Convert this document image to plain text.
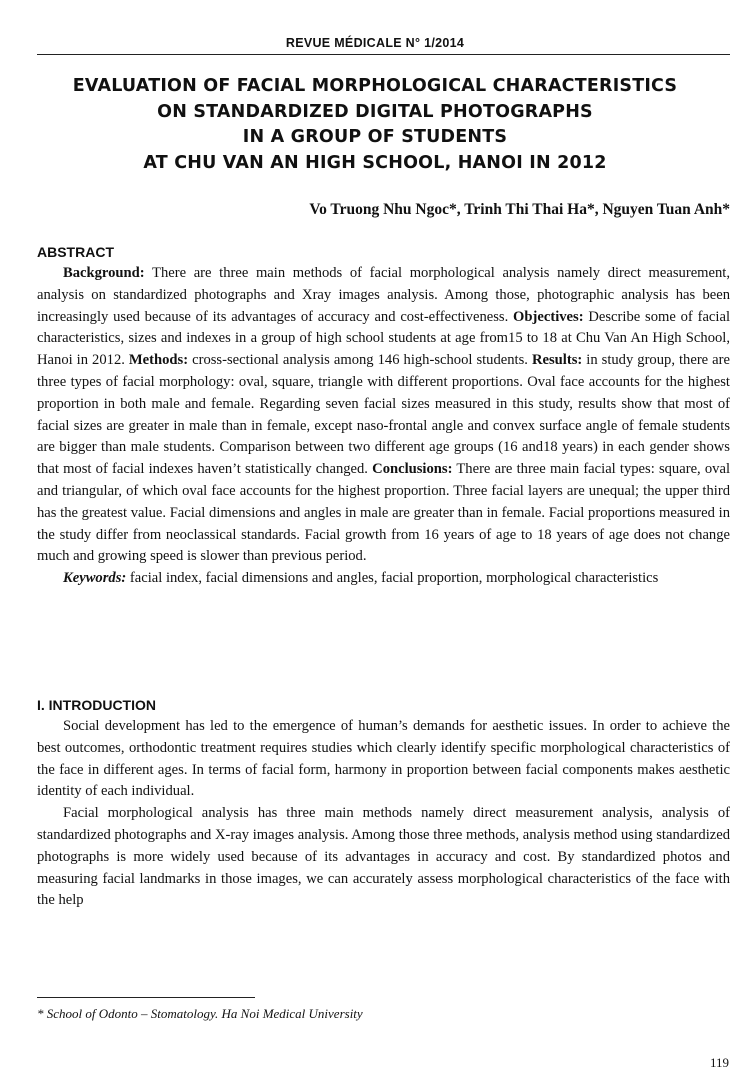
REVUE MÉDICALE N° 1/2014
EVALUATION OF FACIAL MORPHOLOGICAL CHARACTERISTICS
ON STANDARDIZED DIGITAL PHOTOGRAPHS
IN A GROUP OF STUDENTS
AT CHU VAN AN HIGH SCHOOL, HANOI IN 2012
Vo Truong Nhu Ngoc*, Trinh Thi Thai Ha*, Nguyen Tuan Anh*
ABSTRACT

Background: There are three main methods of facial morphological analysis namely direct measurement, analysis on standardized photographs and Xray images analysis. Among those, photographic analysis has been increasingly used because of its advantages of accuracy and cost-effectiveness. Objectives: Describe some of facial characteristics, sizes and indexes in a group of high school students at age from15 to 18 at Chu Van An High School, Hanoi in 2012. Methods: cross-sectional analysis among 146 high-school students. Results: in study group, there are three types of facial morphology: oval, square, triangle with different proportions. Oval face accounts for the highest proportion in both male and female. Regarding seven facial sizes measured in this study, results show that most of facial sizes are greater in male than in female, except naso-frontal angle and convex surface angle of female students are bigger than male students. Comparison between two different age groups (16 and18 years) in each gender shows that most of facial indexes haven’t statistically changed. Conclusions: There are three main facial types: square, oval and triangular, of which oval face accounts for the highest proportion. Three facial layers are unequal; the upper third has the greatest value. Facial dimensions and angles in male are greater than in female. Facial proportions measured in the study differ from neoclassical standards. Facial growth from 16 years of age to 18 years of age does not change much and growing speed is slower than previous period.

Keywords: facial index, facial dimensions and angles, facial proportion, morphological characteristics

I. INTRODUCTION

Social development has led to the emergence of human’s demands for aesthetic issues. In order to achieve the best outcomes, orthodontic treatment requires studies which clearly identify specific morphological characteristics of the face in different ages. In terms of facial form, harmony in proportion between facial components makes aesthetic identity of each individual.

Facial morphological analysis has three main methods namely direct measurement analysis, analysis of standardized photographs and X-ray images analysis. Among those three methods, analysis method using standardized photographs is more widely used because of its advantages in accuracy and cost. By standardized photos and measuring facial landmarks in those images, we can accurately assess morphological characteristics of the face with the help

* School of Odonto – Stomatology. Ha Noi Medical University
119
